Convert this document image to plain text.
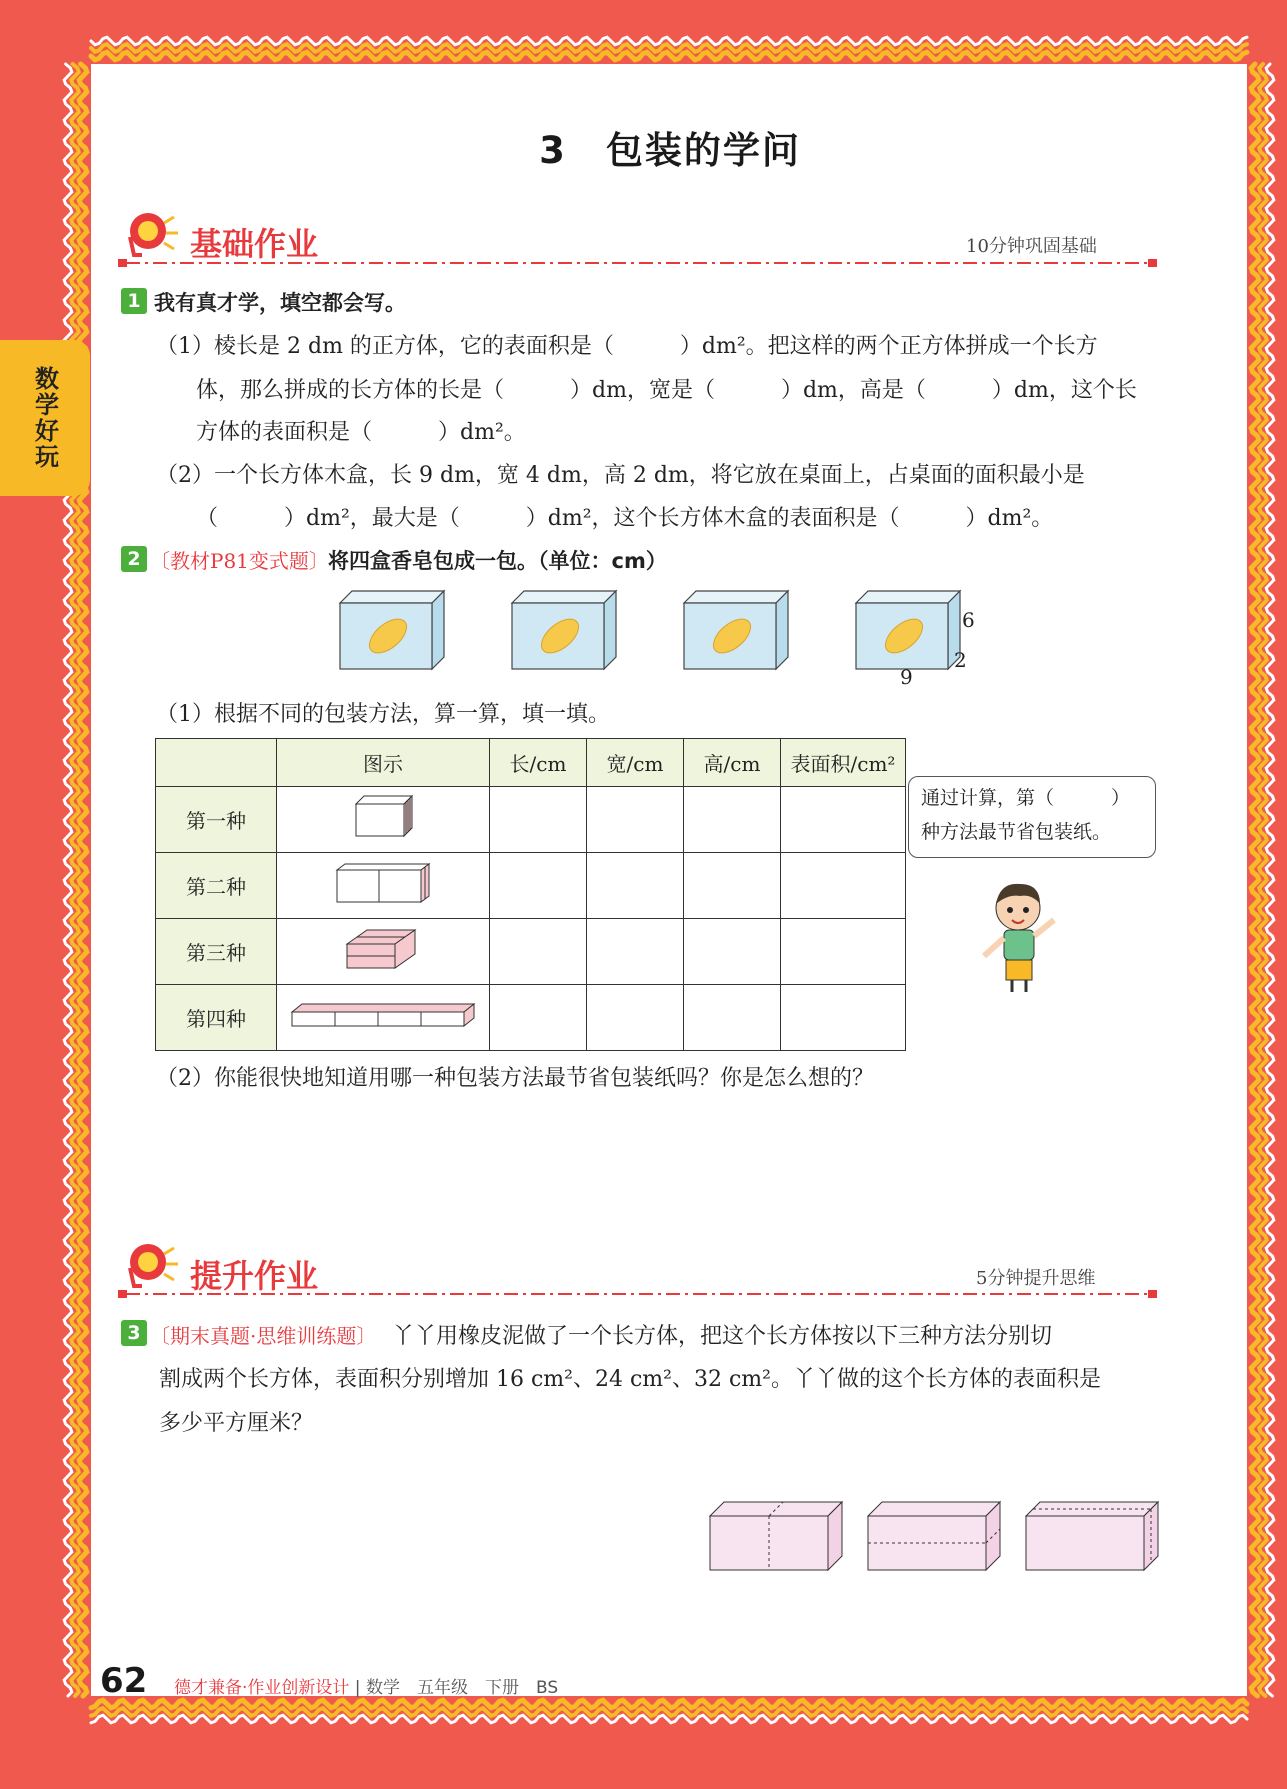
数学好玩
3　包装的学问
基础作业	10分钟巩固基础
1 我有真才学，填空都会写。
（1）棱长是 2 dm 的正方体，它的表面积是（　　　）dm²。把这样的两个正方体拼成一个长方
体，那么拼成的长方体的长是（　　　）dm，宽是（　　　）dm，高是（　　　）dm，这个长
方体的表面积是（　　　）dm²。
（2）一个长方体木盒，长 9 dm，宽 4 dm，高 2 dm，将它放在桌面上，占桌面的面积最小是
（　　　）dm²，最大是（　　　）dm²，这个长方体木盒的表面积是（　　　）dm²。
2 〔教材P81变式题〕 将四盒香皂包成一包。（单位：cm）
6
9
2
（1）根据不同的包装方法，算一算，填一填。
	图示	长/cm	宽/cm	高/cm	表面积/cm²
第一种					
第二种					
第三种					
第四种					
通过计算，第（　　　）
种方法最节省包装纸。
（2）你能很快地知道用哪一种包装方法最节省包装纸吗？你是怎么想的？
提升作业	5分钟提升思维
3 〔期末真题·思维训练题〕 丫丫用橡皮泥做了一个长方体，把这个长方体按以下三种方法分别切
割成两个长方体，表面积分别增加 16 cm²、24 cm²、32 cm²。丫丫做的这个长方体的表面积是
多少平方厘米？
62 德才兼备·作业创新设计 | 数学　五年级　下册　BS
